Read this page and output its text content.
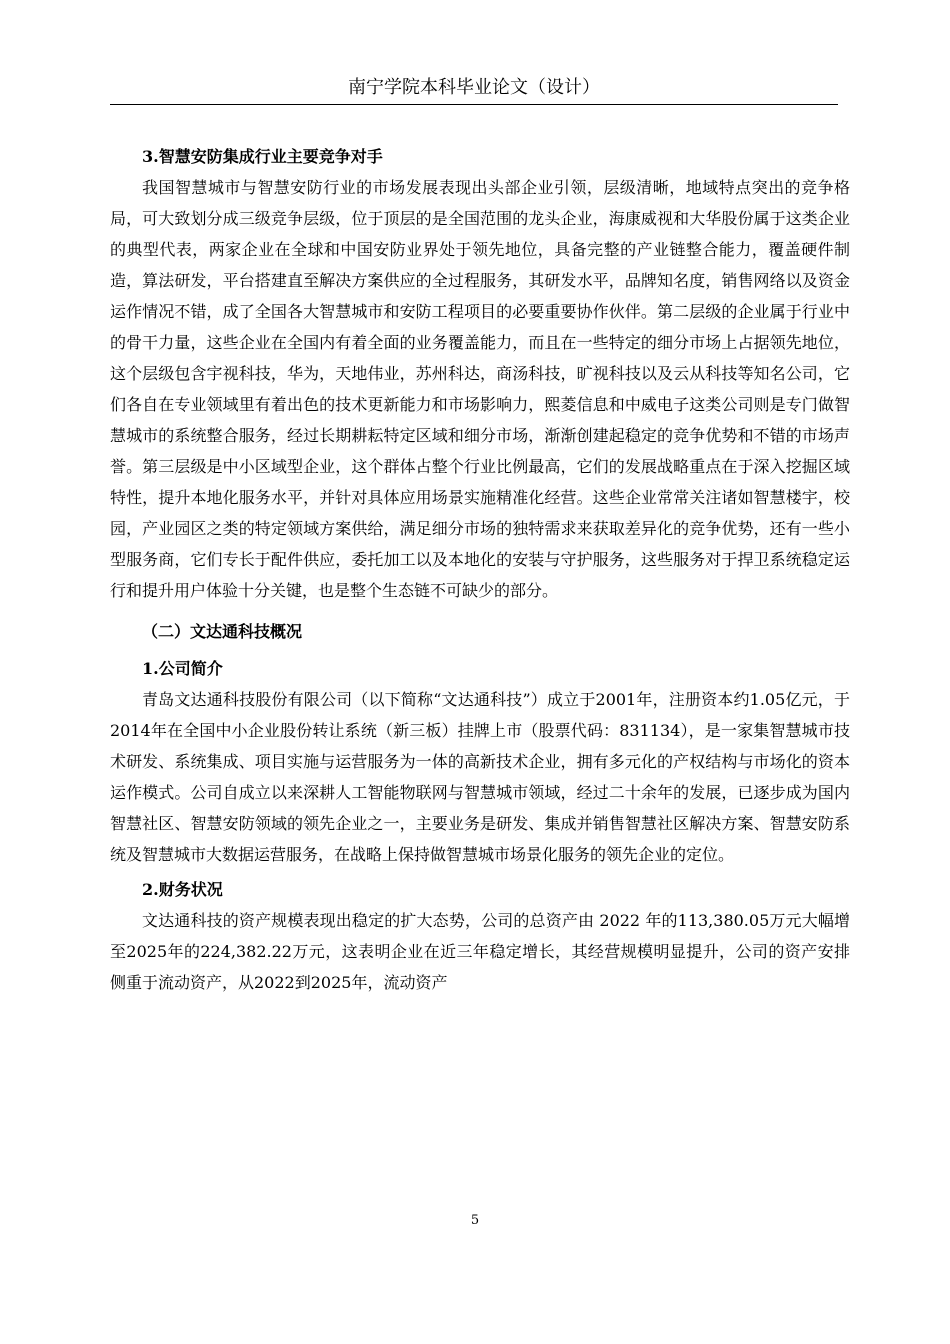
南宁学院本科毕业论文（设计）
3.智慧安防集成行业主要竞争对手

我国智慧城市与智慧安防行业的市场发展表现出头部企业引领，层级清晰，地域特点突出的竞争格局，可大致划分成三级竞争层级，位于顶层的是全国范围的龙头企业，海康威视和大华股份属于这类企业的典型代表，两家企业在全球和中国安防业界处于领先地位，具备完整的产业链整合能力，覆盖硬件制造，算法研发，平台搭建直至解决方案供应的全过程服务，其研发水平，品牌知名度，销售网络以及资金运作情况不错，成了全国各大智慧城市和安防工程项目的必要重要协作伙伴。第二层级的企业属于行业中的骨干力量，这些企业在全国内有着全面的业务覆盖能力，而且在一些特定的细分市场上占据领先地位，这个层级包含宇视科技，华为，天地伟业，苏州科达，商汤科技，旷视科技以及云从科技等知名公司，它们各自在专业领域里有着出色的技术更新能力和市场影响力，熙菱信息和中威电子这类公司则是专门做智慧城市的系统整合服务，经过长期耕耘特定区域和细分市场，渐渐创建起稳定的竞争优势和不错的市场声誉。第三层级是中小区域型企业，这个群体占整个行业比例最高，它们的发展战略重点在于深入挖掘区域特性，提升本地化服务水平，并针对具体应用场景实施精准化经营。这些企业常常关注诸如智慧楼宇，校园，产业园区之类的特定领域方案供给，满足细分市场的独特需求来获取差异化的竞争优势，还有一些小型服务商，它们专长于配件供应，委托加工以及本地化的安装与守护服务，这些服务对于捍卫系统稳定运行和提升用户体验十分关键，也是整个生态链不可缺少的部分。

（二）文达通科技概况
1.公司简介

青岛文达通科技股份有限公司（以下简称“文达通科技”）成立于2001年，注册资本约1.05亿元，于2014年在全国中小企业股份转让系统（新三板）挂牌上市（股票代码：831134），是一家集智慧城市技术研发、系统集成、项目实施与运营服务为一体的高新技术企业，拥有多元化的产权结构与市场化的资本运作模式。公司自成立以来深耕人工智能物联网与智慧城市领域，经过二十余年的发展，已逐步成为国内智慧社区、智慧安防领域的领先企业之一，主要业务是研发、集成并销售智慧社区解决方案、智慧安防系统及智慧城市大数据运营服务，在战略上保持做智慧城市场景化服务的领先企业的定位。

2.财务状况

文达通科技的资产规模表现出稳定的扩大态势，公司的总资产由 2022 年的113,380.05万元大幅增至2025年的224,382.22万元，这表明企业在近三年稳定增长，其经营规模明显提升，公司的资产安排侧重于流动资产，从2022到2025年，流动资产

5
